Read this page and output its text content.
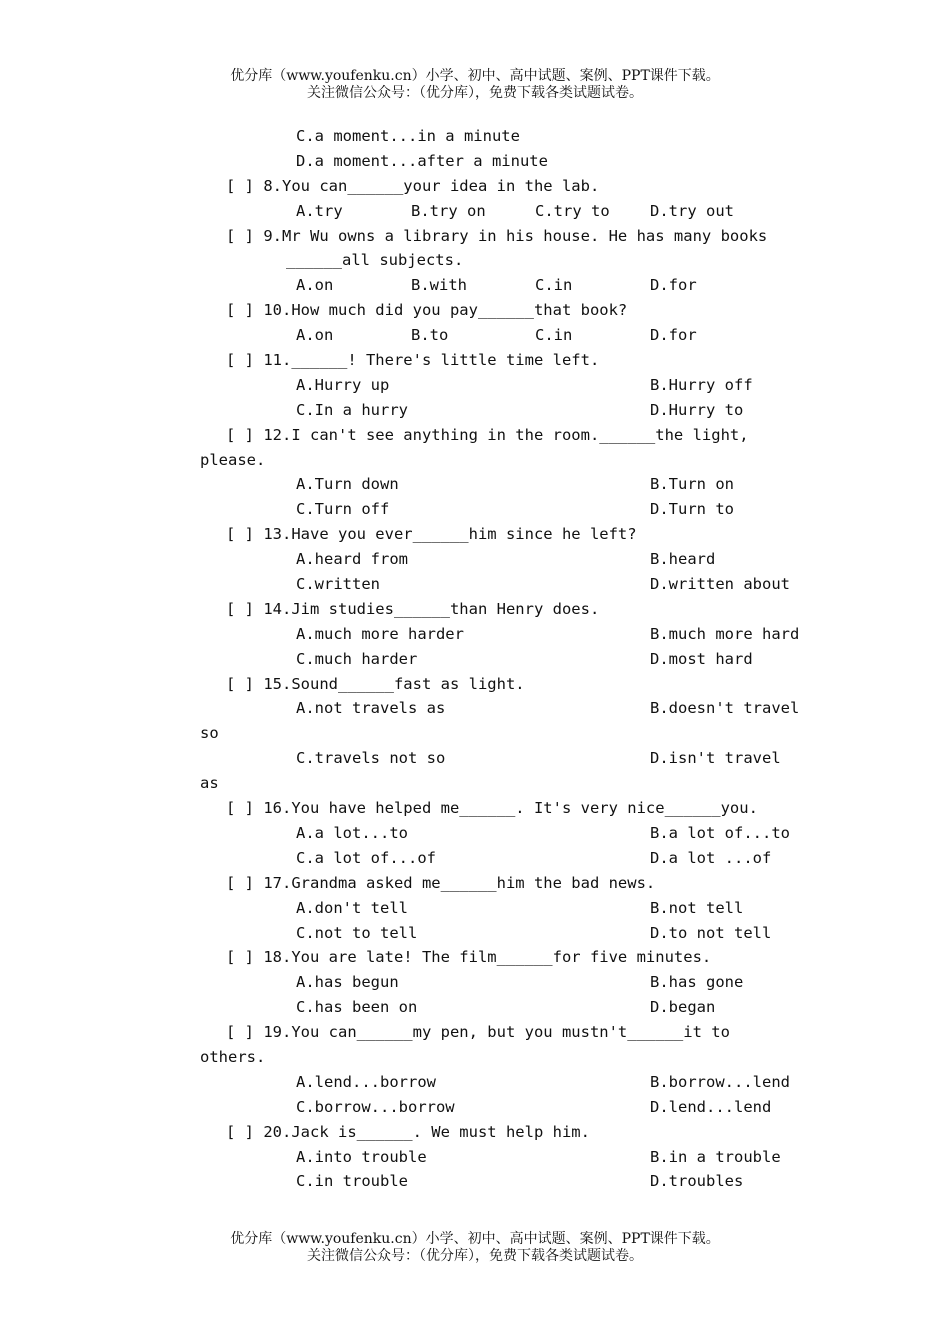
优分库（www.youfenku.cn）小学、初中、高中试题、案例、PPT课件下载。
关注微信公众号：（优分库），免费下载各类试题试卷。
C.a moment...in a minute
D.a moment...after a minute
[ ] 8.You can______your idea in the lab.

A.try

	B.try on

	C.try to

	D.try out

[ ] 9.Mr Wu owns a library in his house. He has many books
______all subjects.

A.on

	B.with

	C.in

	D.for

[ ] 10.How much did you pay______that book?

A.on

	B.to

	C.in

	D.for

[ ] 11.______! There's little time left.

A.Hurry up

	B.Hurry off

C.In a hurry

	D.Hurry to

[ ] 12.I can't see anything in the room.______the light,
please.

A.Turn down

	B.Turn on

C.Turn off

	D.Turn to

[ ] 13.Have you ever______him since he left?

A.heard from

	B.heard

C.written

	D.written about

[ ] 14.Jim studies______than Henry does.

A.much more harder

	B.much more hard

C.much harder

	D.most hard

[ ] 15.Sound______fast as light.

A.not travels as

	B.doesn't travel

so

C.travels not so

	D.isn't travel

as
[ ] 16.You have helped me______. It's very nice______you.

A.a lot...to

	B.a lot of...to

C.a lot of...of

	D.a lot ...of

[ ] 17.Grandma asked me______him the bad news.

A.don't tell

	B.not tell

C.not to tell

	D.to not tell

[ ] 18.You are late! The film______for five minutes.

A.has begun

	B.has gone

C.has been on

	D.began

[ ] 19.You can______my pen, but you mustn't______it to
others.

A.lend...borrow

	B.borrow...lend

C.borrow...borrow

	D.lend...lend

[ ] 20.Jack is______. We must help him.

A.into trouble

	B.in a trouble

C.in trouble

	D.troubles

优分库（www.youfenku.cn）小学、初中、高中试题、案例、PPT课件下载。
关注微信公众号：（优分库），免费下载各类试题试卷。
